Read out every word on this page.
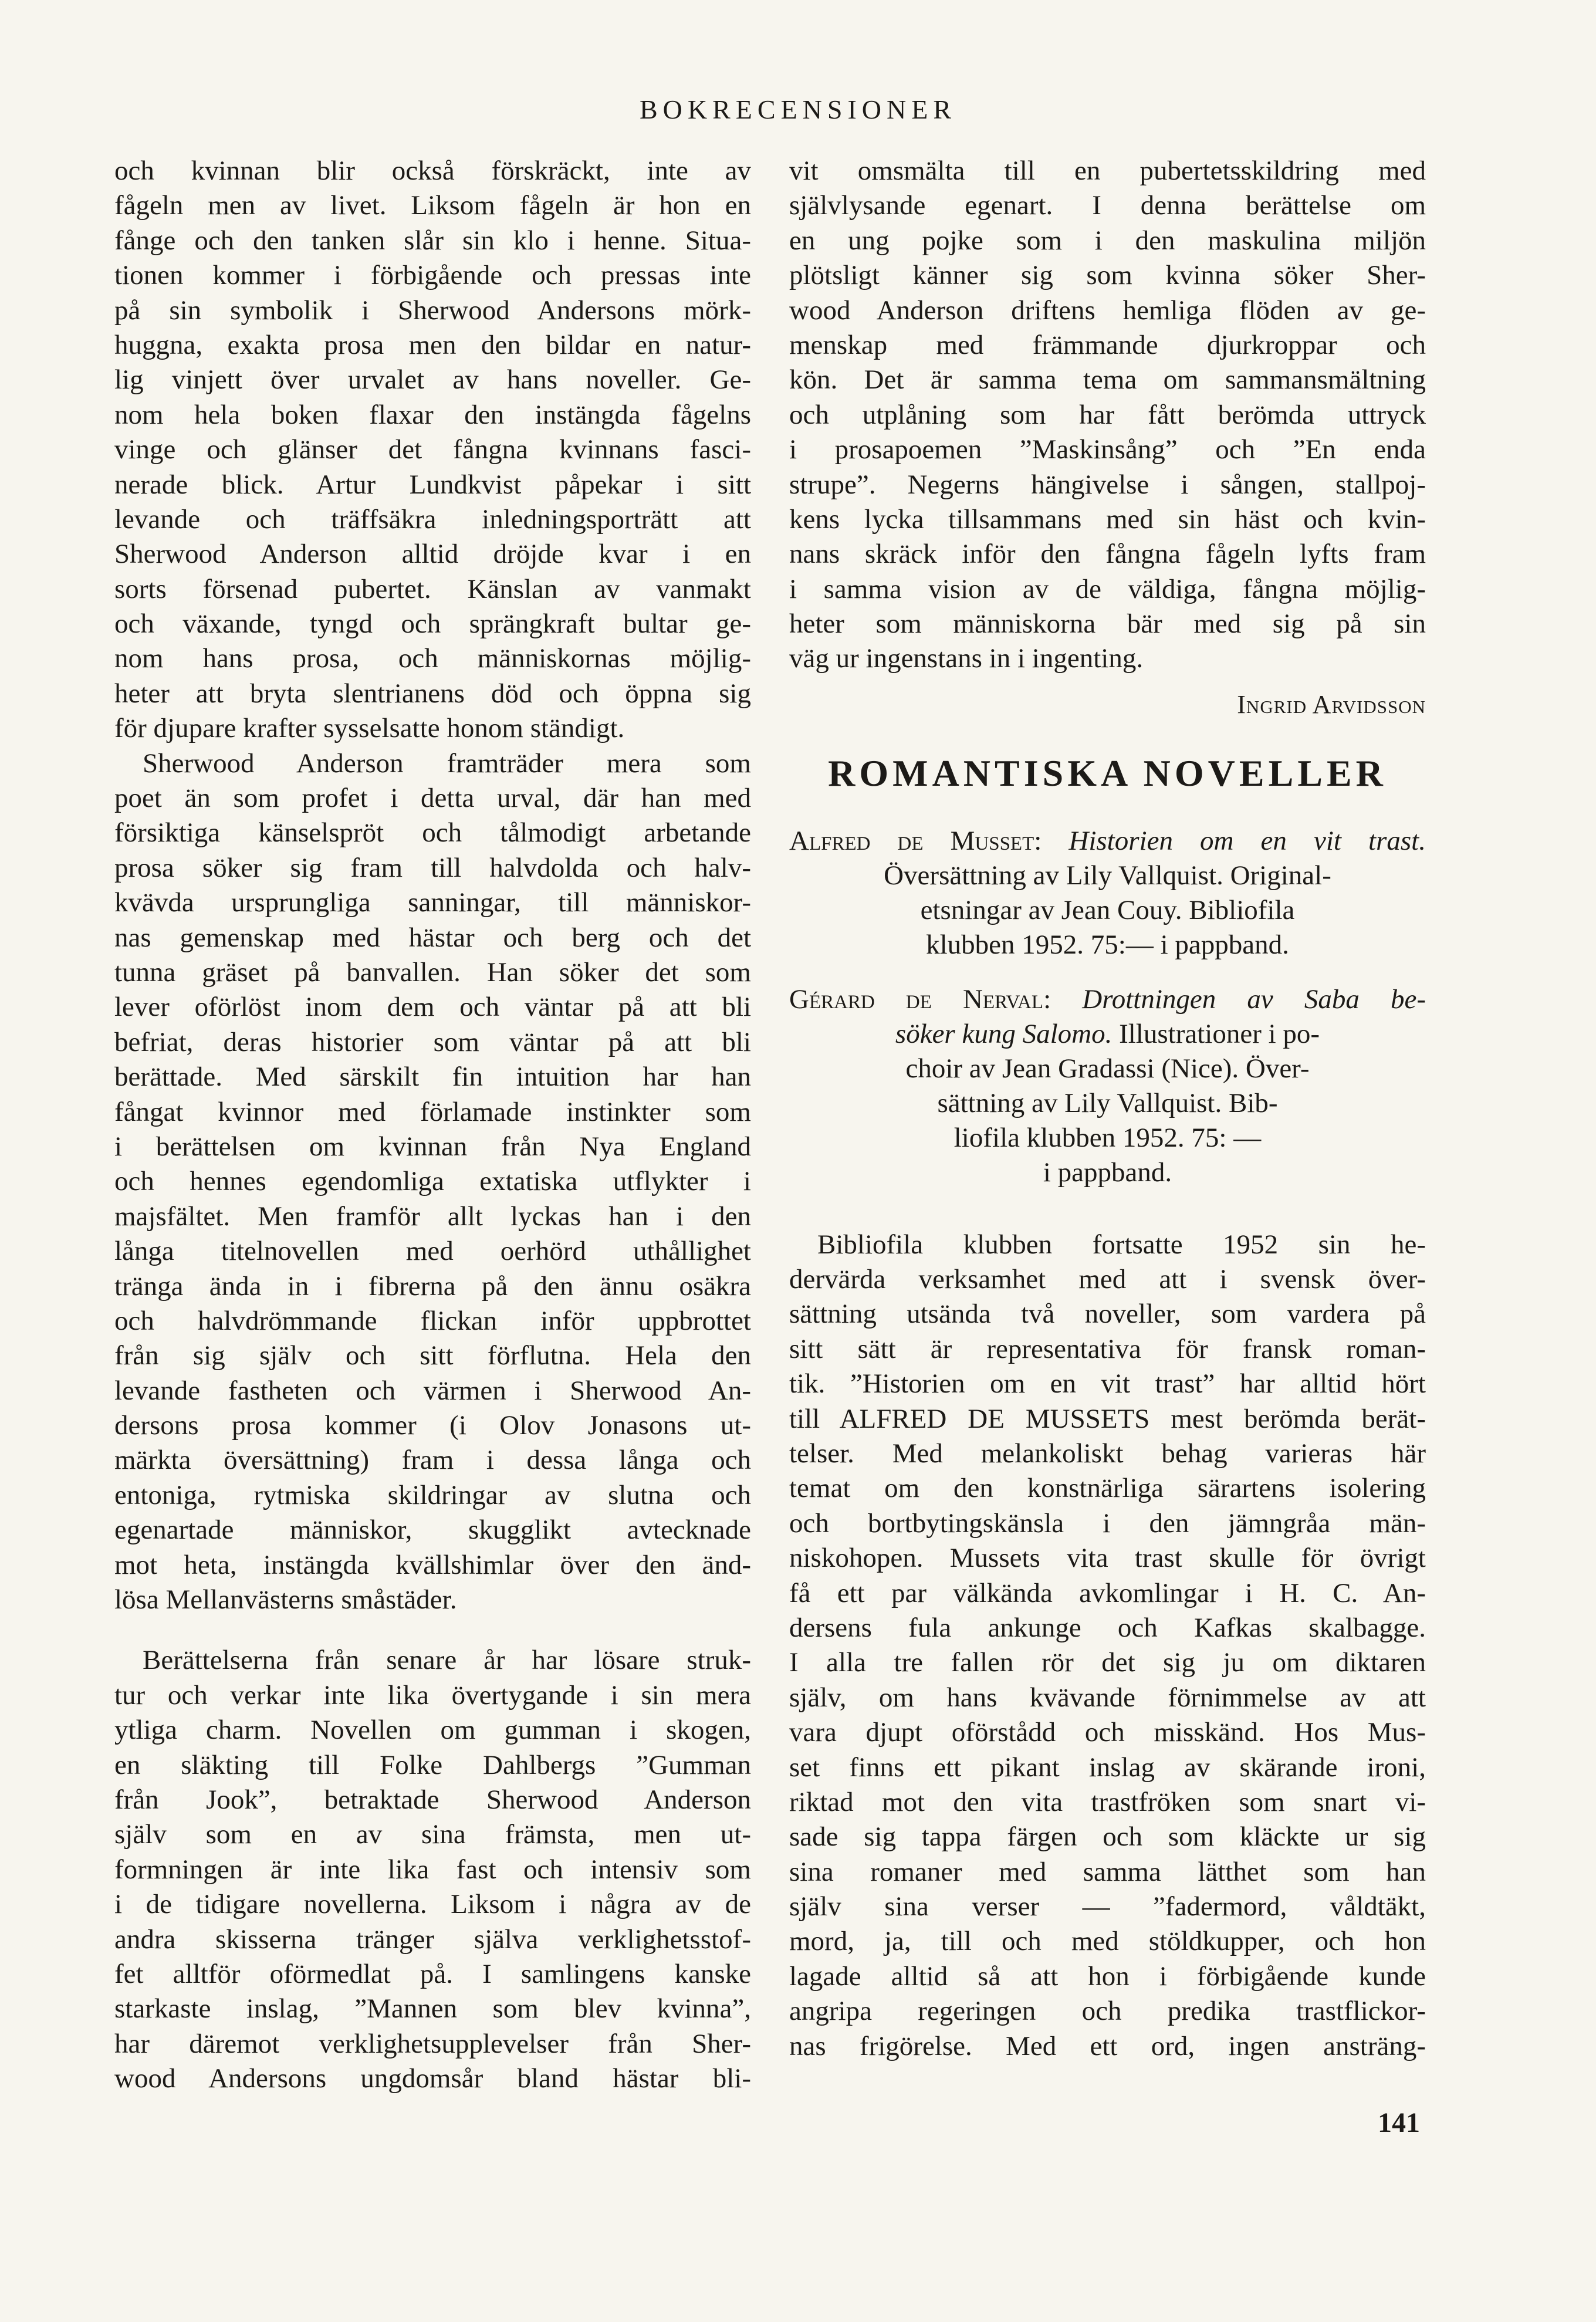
BOKRECENSIONER
och kvinnan blir också förskräckt, inte av
fågeln men av livet. Liksom fågeln är hon en
fånge och den tanken slår sin klo i henne. Situa-
tionen kommer i förbigående och pressas inte
på sin symbolik i Sherwood Andersons mörk-
huggna, exakta prosa men den bildar en natur-
lig vinjett över urvalet av hans noveller. Ge-
nom hela boken flaxar den instängda fågelns
vinge och glänser det fångna kvinnans fasci-
nerade blick. Artur Lundkvist påpekar i sitt
levande och träffsäkra inledningsporträtt att
Sherwood Anderson alltid dröjde kvar i en
sorts försenad pubertet. Känslan av vanmakt
och växande, tyngd och sprängkraft bultar ge-
nom hans prosa, och människornas möjlig-
heter att bryta slentrianens död och öppna sig
för djupare krafter sysselsatte honom ständigt.
Sherwood Anderson framträder mera som
poet än som profet i detta urval, där han med
försiktiga känselspröt och tålmodigt arbetande
prosa söker sig fram till halvdolda och halv-
kvävda ursprungliga sanningar, till människor-
nas gemenskap med hästar och berg och det
tunna gräset på banvallen. Han söker det som
lever oförlöst inom dem och väntar på att bli
befriat, deras historier som väntar på att bli
berättade. Med särskilt fin intuition har han
fångat kvinnor med förlamade instinkter som
i berättelsen om kvinnan från Nya England
och hennes egendomliga extatiska utflykter i
majsfältet. Men framför allt lyckas han i den
långa titelnovellen med oerhörd uthållighet
tränga ända in i fibrerna på den ännu osäkra
och halvdrömmande flickan inför uppbrottet
från sig själv och sitt förflutna. Hela den
levande fastheten och värmen i Sherwood An-
dersons prosa kommer (i Olov Jonasons ut-
märkta översättning) fram i dessa långa och
entoniga, rytmiska skildringar av slutna och
egenartade människor, skugglikt avtecknade
mot heta, instängda kvällshimlar över den änd-
lösa Mellanvästerns småstäder.
Berättelserna från senare år har lösare struk-
tur och verkar inte lika övertygande i sin mera
ytliga charm. Novellen om gumman i skogen,
en släkting till Folke Dahlbergs ”Gumman
från Jook”, betraktade Sherwood Anderson
själv som en av sina främsta, men ut-
formningen är inte lika fast och intensiv som
i de tidigare novellerna. Liksom i några av de
andra skisserna tränger själva verklighetsstof-
fet alltför oförmedlat på. I samlingens kanske
starkaste inslag, ”Mannen som blev kvinna”,
har däremot verklighetsupplevelser från Sher-
wood Andersons ungdomsår bland hästar bli-
vit omsmälta till en pubertetsskildring med
självlysande egenart. I denna berättelse om
en ung pojke som i den maskulina miljön
plötsligt känner sig som kvinna söker Sher-
wood Anderson driftens hemliga flöden av ge-
menskap med främmande djurkroppar och
kön. Det är samma tema om sammansmältning
och utplåning som har fått berömda uttryck
i prosapoemen ”Maskinsång” och ”En enda
strupe”. Negerns hängivelse i sången, stallpoj-
kens lycka tillsammans med sin häst och kvin-
nans skräck inför den fångna fågeln lyfts fram
i samma vision av de väldiga, fångna möjlig-
heter som människorna bär med sig på sin
väg ur ingenstans in i ingenting.
Ingrid Arvidsson
ROMANTISKA NOVELLER
Alfred de Musset: Historien om en vit trast.
Översättning av Lily Vallquist. Original-
etsningar av Jean Couy. Bibliofila
klubben 1952. 75:— i pappband.
Gérard de Nerval: Drottningen av Saba be-
söker kung Salomo. Illustrationer i po-
choir av Jean Gradassi (Nice). Över-
sättning av Lily Vallquist. Bib-
liofila klubben 1952. 75: —
i pappband.
Bibliofila klubben fortsatte 1952 sin he-
dervärda verksamhet med att i svensk över-
sättning utsända två noveller, som vardera på
sitt sätt är representativa för fransk roman-
tik. ”Historien om en vit trast” har alltid hört
till ALFRED DE MUSSETS mest berömda berät-
telser. Med melankoliskt behag varieras här
temat om den konstnärliga särartens isolering
och bortbytingskänsla i den jämngråa män-
niskohopen. Mussets vita trast skulle för övrigt
få ett par välkända avkomlingar i H. C. An-
dersens fula ankunge och Kafkas skalbagge.
I alla tre fallen rör det sig ju om diktaren
själv, om hans kvävande förnimmelse av att
vara djupt oförstådd och misskänd. Hos Mus-
set finns ett pikant inslag av skärande ironi,
riktad mot den vita trastfröken som snart vi-
sade sig tappa färgen och som kläckte ur sig
sina romaner med samma lätthet som han
själv sina verser — ”fadermord, våldtäkt,
mord, ja, till och med stöldkupper, och hon
lagade alltid så att hon i förbigående kunde
angripa regeringen och predika trastflickor-
nas frigörelse. Med ett ord, ingen ansträng-
141
